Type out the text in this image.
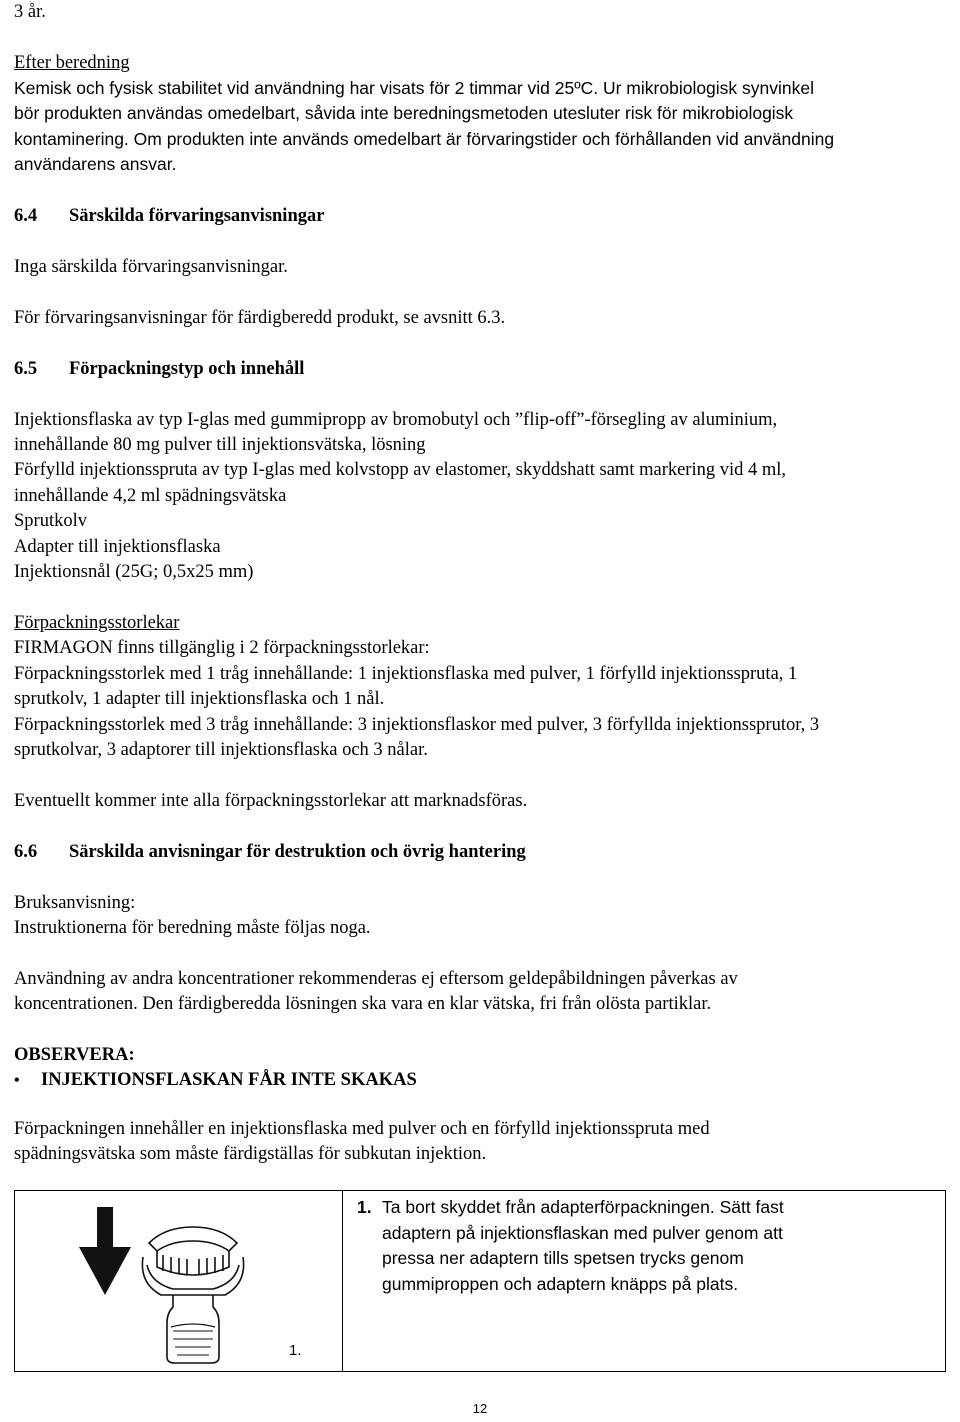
3 år.
Efter beredning
Kemisk och fysisk stabilitet vid användning har visats för 2 timmar vid 25ºC. Ur mikrobiologisk synvinkel
bör produkten användas omedelbart, såvida inte beredningsmetoden utesluter risk för mikrobiologisk
kontaminering. Om produkten inte används omedelbart är förvaringstider och förhållanden vid användning
användarens ansvar.
6.4 Särskilda förvaringsanvisningar
Inga särskilda förvaringsanvisningar.
För förvaringsanvisningar för färdigberedd produkt, se avsnitt 6.3.
6.5 Förpackningstyp och innehåll
Injektionsflaska av typ I-glas med gummipropp av bromobutyl och ”flip-off”-försegling av aluminium,
innehållande 80 mg pulver till injektionsvätska, lösning
Förfylld injektionsspruta av typ I-glas med kolvstopp av elastomer, skyddshatt samt markering vid 4 ml,
innehållande 4,2 ml spädningsvätska
Sprutkolv
Adapter till injektionsflaska
Injektionsnål (25G; 0,5x25 mm)
Förpackningsstorlekar
FIRMAGON finns tillgänglig i 2 förpackningsstorlekar:
Förpackningsstorlek med 1 tråg innehållande: 1 injektionsflaska med pulver, 1 förfylld injektionsspruta, 1
sprutkolv, 1 adapter till injektionsflaska och 1 nål.
Förpackningsstorlek med 3 tråg innehållande: 3 injektionsflaskor med pulver, 3 förfyllda injektionssprutor, 3
sprutkolvar, 3 adaptorer till injektionsflaska och 3 nålar.
Eventuellt kommer inte alla förpackningsstorlekar att marknadsföras.
6.6 Särskilda anvisningar för destruktion och övrig hantering
Bruksanvisning:
Instruktionerna för beredning måste följas noga.
Användning av andra koncentrationer rekommenderas ej eftersom geldepåbildningen påverkas av
koncentrationen. Den färdigberedda lösningen ska vara en klar vätska, fri från olösta partiklar.
OBSERVERA:
• INJEKTIONSFLASKAN FÅR INTE SKAKAS
Förpackningen innehåller en injektionsflaska med pulver och en förfylld injektionsspruta med
spädningsvätska som måste färdigställas för subkutan injektion.
1.
1. Ta bort skyddet från adapterförpackningen. Sätt fast
adaptern på injektionsflaskan med pulver genom att
pressa ner adaptern tills spetsen trycks genom
gummiproppen och adaptern knäpps på plats.
12
